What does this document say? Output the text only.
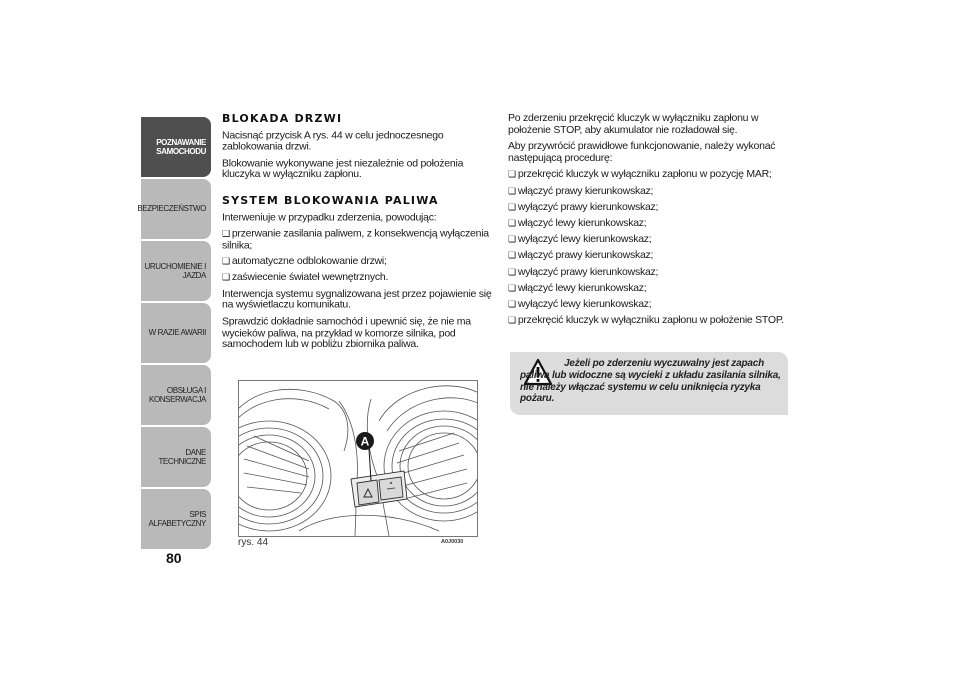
POZNAWANIE
SAMOCHODU
BEZPIECZEŃSTWO
URUCHOMIENIE I
JAZDA
W RAZIE AWARII
OBSŁUGA I
KONSERWACJA
DANE TECHNICZNE
SPIS ALFABETYCZNY
80
BLOKADA DRZWI

Nacisnąć przycisk A rys. 44 w celu jednoczesnego zablokowania drzwi.

Blokowanie wykonywane jest niezależnie od położenia kluczyka w wyłączniku zapłonu.

SYSTEM BLOKOWANIA PALIWA

Interweniuje w przypadku zderzenia, powodując:

❑ przerwanie zasilania paliwem, z konsekwencją wyłączenia silnika;
❑ automatyczne odblokowanie drzwi;
❑ zaświecenie świateł wewnętrznych.

Interwencja systemu sygnalizowana jest przez pojawienie się na wyświetlaczu komunikatu.

Sprawdzić dokładnie samochód i upewnić się, że nie ma wycieków paliwa, na przykład w komorze silnika, pod samochodem lub w pobliżu zbiornika paliwa.

Po zderzeniu przekręcić kluczyk w wyłączniku zapłonu w położenie STOP, aby akumulator nie rozładował się.

Aby przywrócić prawidłowe funkcjonowanie, należy wykonać następującą procedurę:

❑ przekręcić kluczyk w wyłączniku zapłonu w pozycję MAR;
❑ włączyć prawy kierunkowskaz;
❑ wyłączyć prawy kierunkowskaz;
❑ włączyć lewy kierunkowskaz;
❑ wyłączyć lewy kierunkowskaz;
❑ włączyć prawy kierunkowskaz;
❑ wyłączyć prawy kierunkowskaz;
❑ włączyć lewy kierunkowskaz;
❑ wyłączyć lewy kierunkowskaz;
❑ przekręcić kluczyk w wyłączniku zapłonu w położenie STOP.
Jeżeli po zderzeniu wyczuwalny jest zapach paliwa lub widoczne są wycieki z układu zasilania silnika, nie należy włączać systemu w celu uniknięcia ryzyka pożaru.
A
rys. 44	A0J0030
